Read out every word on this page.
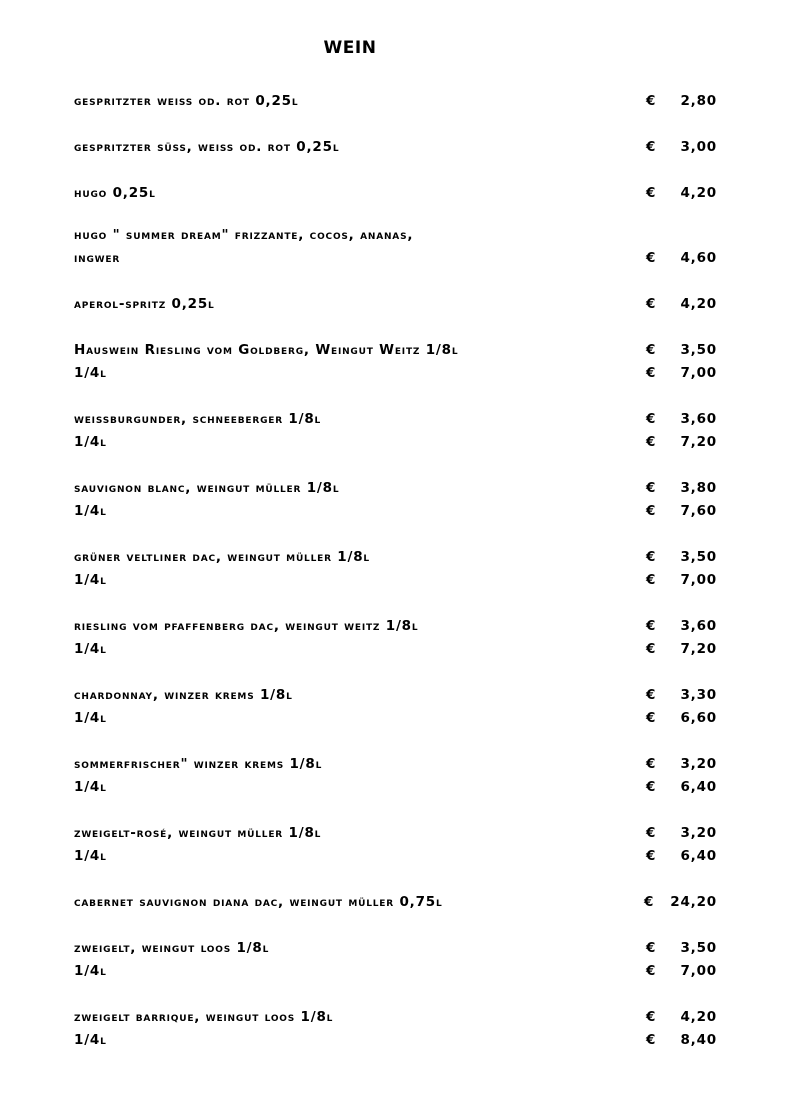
WEIN
gespritzter weiss od. rot 0,25l	€ 2,80
gespritzter süss, weiss od. rot 0,25l	€ 3,00
hugo 0,25l	€ 4,20
hugo " summer dream" frizzante, cocos, ananas,
ingwer	€ 4,60
aperol-spritz 0,25l	€ 4,20
Hauswein Riesling vom Goldberg, Weingut Weitz 1/8l	€ 3,50
1/4l	€ 7,00
weissburgunder, schneeberger 1/8l	€ 3,60
1/4l	€ 7,20
sauvignon blanc, weingut müller 1/8l	€ 3,80
1/4l	€ 7,60
grüner veltliner dac, weingut müller 1/8l	€ 3,50
1/4l	€ 7,00
riesling vom pfaffenberg dac, weingut weitz 1/8l	€ 3,60
1/4l	€ 7,20
chardonnay, winzer krems 1/8l	€ 3,30
1/4l	€ 6,60
sommerfrischer" winzer krems 1/8l	€ 3,20
1/4l	€ 6,40
zweigelt-rosé, weingut müller 1/8l	€ 3,20
1/4l	€ 6,40
cabernet sauvignon diana dac, weingut müller 0,75l	€ 24,20
zweigelt, weingut loos 1/8l	€ 3,50
1/4l	€ 7,00
zweigelt barrique, weingut loos 1/8l	€ 4,20
1/4l	€ 8,40
